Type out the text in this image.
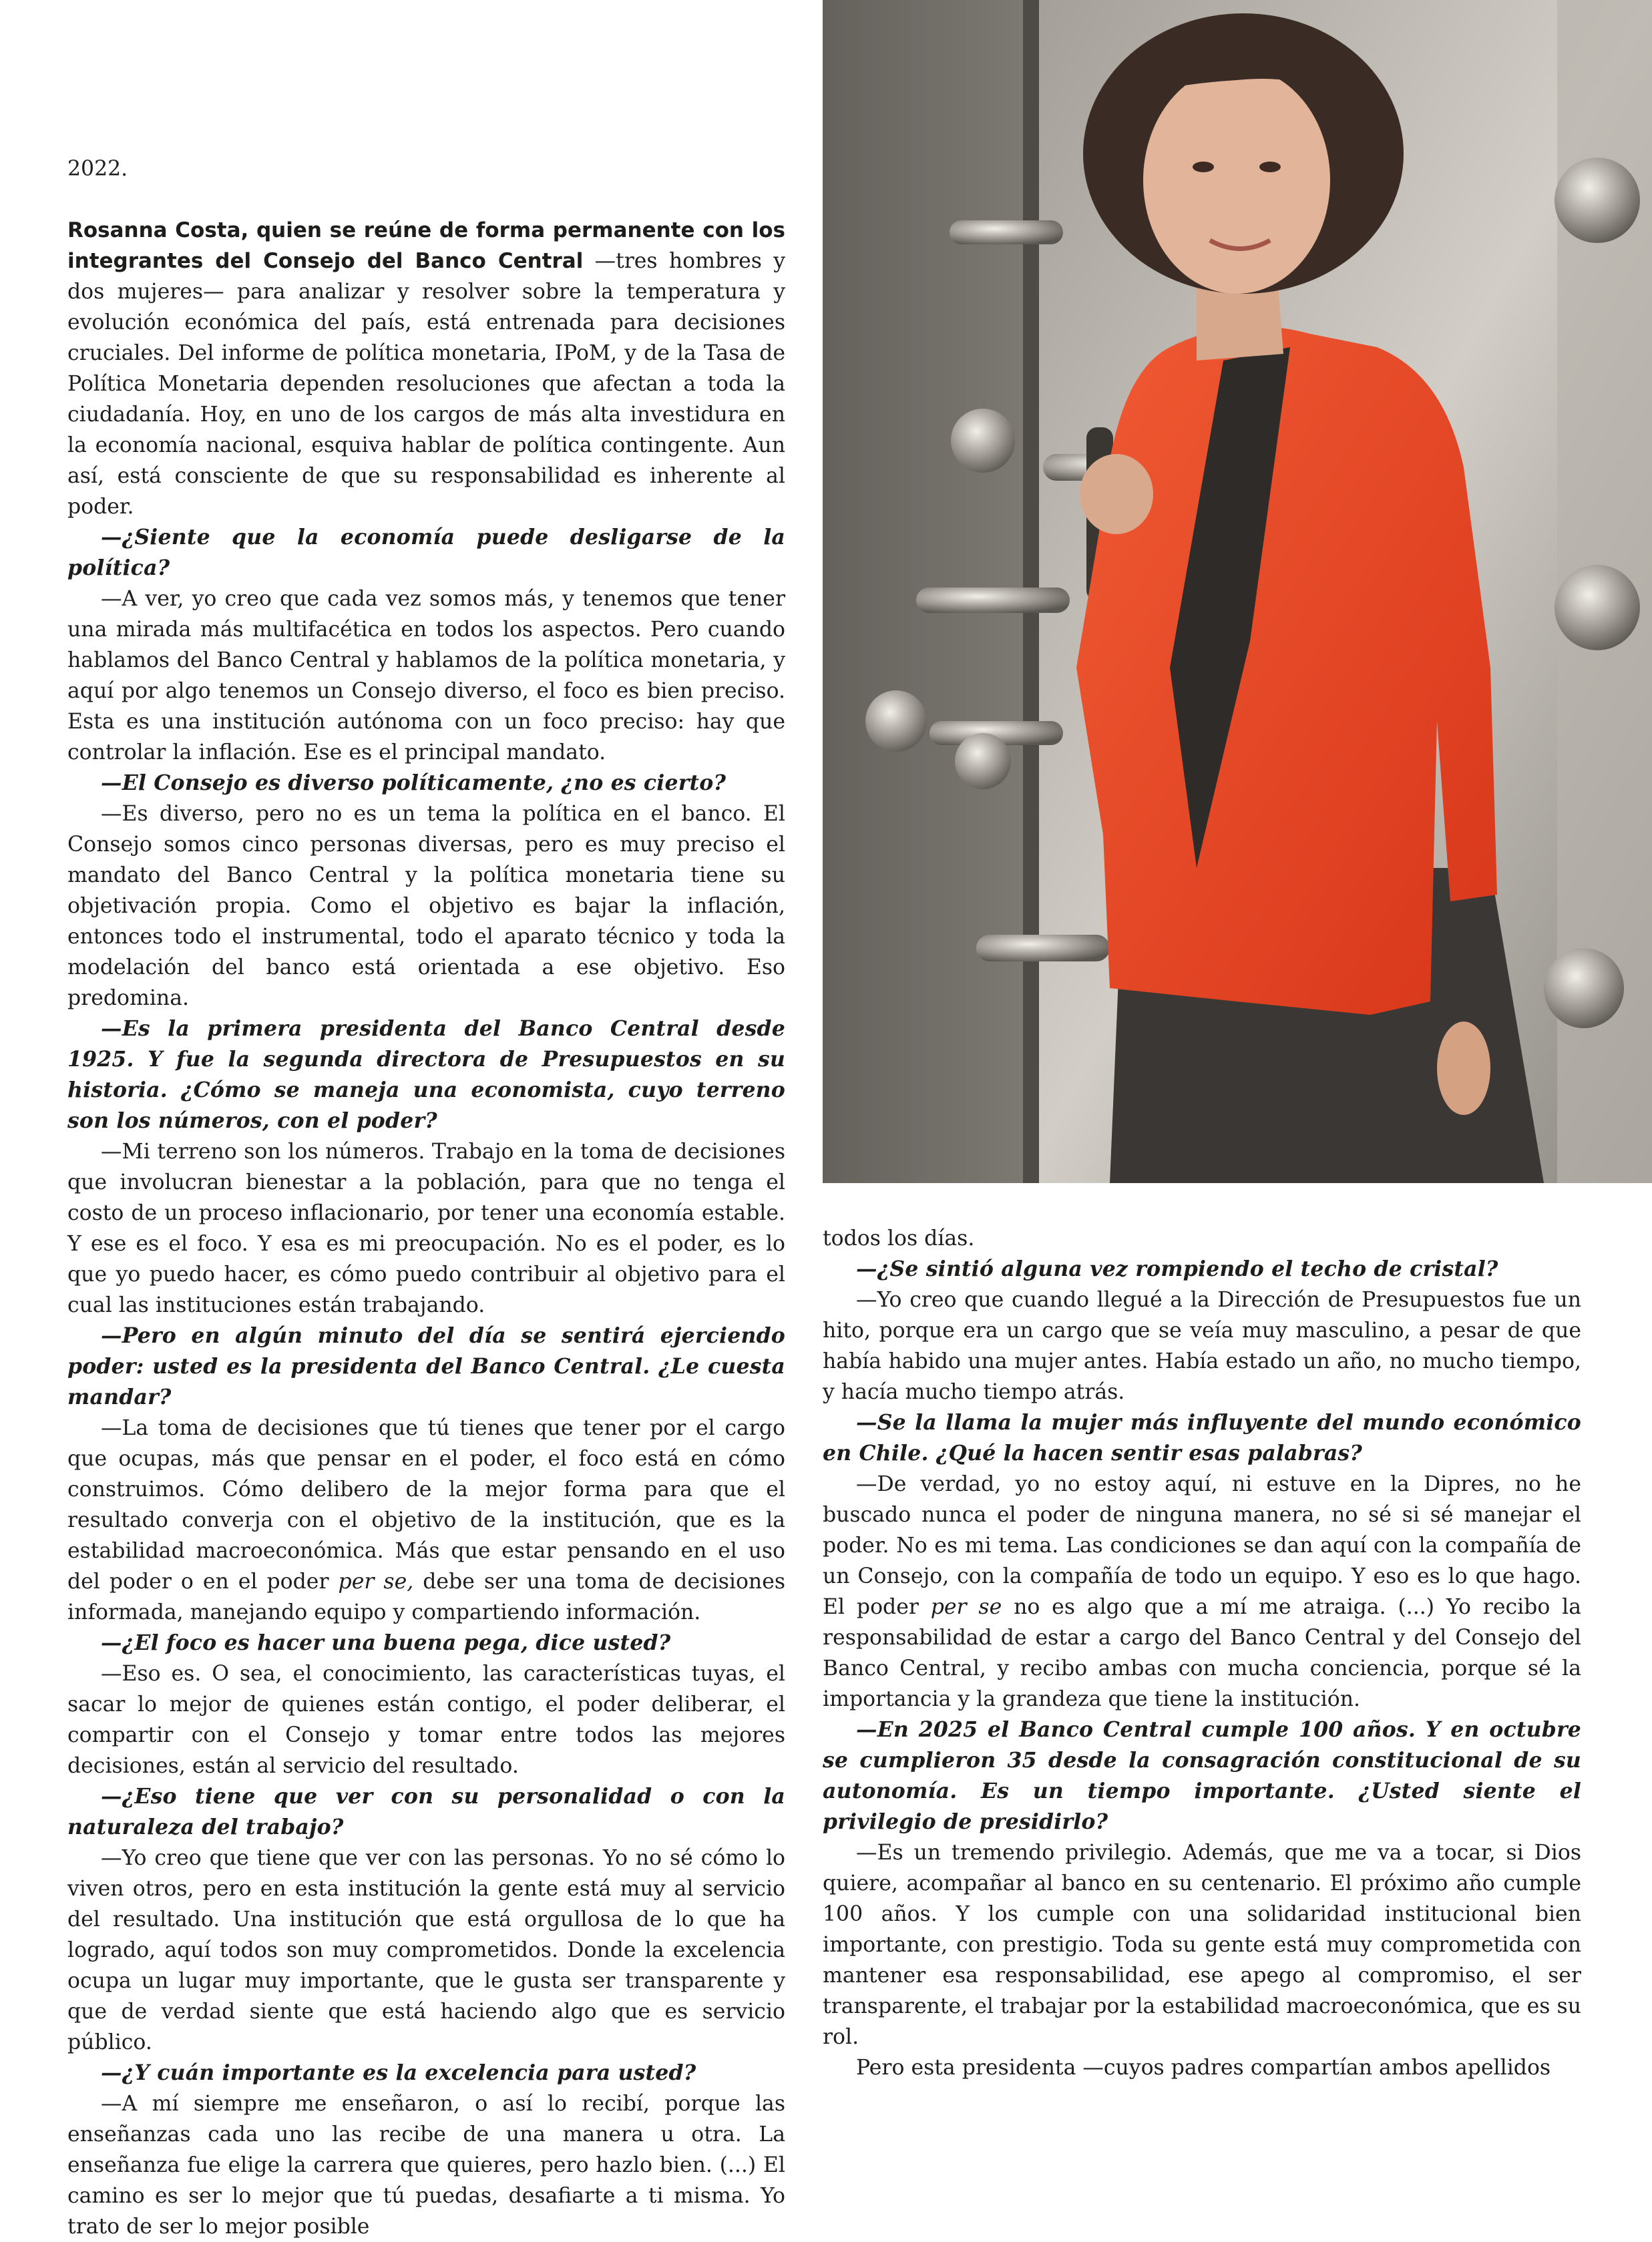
2022.

Rosanna Costa, quien se reúne de forma permanente con los integrantes del Consejo del Banco Central —tres hombres y dos mujeres— para analizar y resolver sobre la temperatura y evolución económica del país, está entrenada para decisiones cruciales. Del informe de política monetaria, IPoM, y de la Tasa de Política Monetaria dependen resoluciones que afectan a toda la ciudadanía. Hoy, en uno de los cargos de más alta investidura en la economía nacional, esquiva hablar de política contingente. Aun así, está consciente de que su responsabilidad es inherente al poder.

—¿Siente que la economía puede desligarse de la política?

—A ver, yo creo que cada vez somos más, y tenemos que tener una mirada más multifacética en todos los aspectos. Pero cuando hablamos del Banco Central y hablamos de la política monetaria, y aquí por algo tenemos un Consejo diverso, el foco es bien preciso. Esta es una institución autónoma con un foco preciso: hay que controlar la inflación. Ese es el principal mandato.

—El Consejo es diverso políticamente, ¿no es cierto?

—Es diverso, pero no es un tema la política en el banco. El Consejo somos cinco personas diversas, pero es muy preciso el mandato del Banco Central y la política monetaria tiene su objetivación propia. Como el objetivo es bajar la inflación, entonces todo el instrumental, todo el aparato técnico y toda la modelación del banco está orientada a ese objetivo. Eso predomina.

—Es la primera presidenta del Banco Central desde 1925. Y fue la segunda directora de Presupuestos en su historia. ¿Cómo se maneja una economista, cuyo terreno son los números, con el poder?

—Mi terreno son los números. Trabajo en la toma de decisiones que involucran bienestar a la población, para que no tenga el costo de un proceso inflacionario, por tener una economía estable. Y ese es el foco. Y esa es mi preocupación. No es el poder, es lo que yo puedo hacer, es cómo puedo contribuir al objetivo para el cual las instituciones están trabajando.

—Pero en algún minuto del día se sentirá ejerciendo poder: usted es la presidenta del Banco Central. ¿Le cuesta mandar?

—La toma de decisiones que tú tienes que tener por el cargo que ocupas, más que pensar en el poder, el foco está en cómo construimos. Cómo delibero de la mejor forma para que el resultado converja con el objetivo de la institución, que es la estabilidad macroeconómica. Más que estar pensando en el uso del poder o en el poder per se, debe ser una toma de decisiones informada, manejando equipo y compartiendo información.

—¿El foco es hacer una buena pega, dice usted?

—Eso es. O sea, el conocimiento, las características tuyas, el sacar lo mejor de quienes están contigo, el poder deliberar, el compartir con el Consejo y tomar entre todos las mejores decisiones, están al servicio del resultado.

—¿Eso tiene que ver con su personalidad o con la naturaleza del trabajo?

—Yo creo que tiene que ver con las personas. Yo no sé cómo lo viven otros, pero en esta institución la gente está muy al servicio del resultado. Una institución que está orgullosa de lo que ha logrado, aquí todos son muy comprometidos. Donde la excelencia ocupa un lugar muy importante, que le gusta ser transparente y que de verdad siente que está haciendo algo que es servicio público.

—¿Y cuán importante es la excelencia para usted?

—A mí siempre me enseñaron, o así lo recibí, porque las enseñanzas cada uno las recibe de una manera u otra. La enseñanza fue elige la carrera que quieres, pero hazlo bien. (...) El camino es ser lo mejor que tú puedas, desafiarte a ti misma. Yo trato de ser lo mejor posible

todos los días.

—¿Se sintió alguna vez rompiendo el techo de cristal?

—Yo creo que cuando llegué a la Dirección de Presupuestos fue un hito, porque era un cargo que se veía muy masculino, a pesar de que había habido una mujer antes. Había estado un año, no mucho tiempo, y hacía mucho tiempo atrás.

—Se la llama la mujer más influyente del mundo económico en Chile. ¿Qué la hacen sentir esas palabras?

—De verdad, yo no estoy aquí, ni estuve en la Dipres, no he buscado nunca el poder de ninguna manera, no sé si sé manejar el poder. No es mi tema. Las condiciones se dan aquí con la compañía de un Consejo, con la compañía de todo un equipo. Y eso es lo que hago. El poder per se no es algo que a mí me atraiga. (...) Yo recibo la responsabilidad de estar a cargo del Banco Central y del Consejo del Banco Central, y recibo ambas con mucha conciencia, porque sé la importancia y la grandeza que tiene la institución.

—En 2025 el Banco Central cumple 100 años. Y en octubre se cumplieron 35 desde la consagración constitucional de su autonomía. Es un tiempo importante. ¿Usted siente el privilegio de presidirlo?

—Es un tremendo privilegio. Además, que me va a tocar, si Dios quiere, acompañar al banco en su centenario. El próximo año cumple 100 años. Y los cumple con una solidaridad institucional bien importante, con prestigio. Toda su gente está muy comprometida con mantener esa responsabilidad, ese apego al compromiso, el ser transparente, el trabajar por la estabilidad macroeconómica, que es su rol.

Pero esta presidenta —cuyos padres compartían ambos apellidos
